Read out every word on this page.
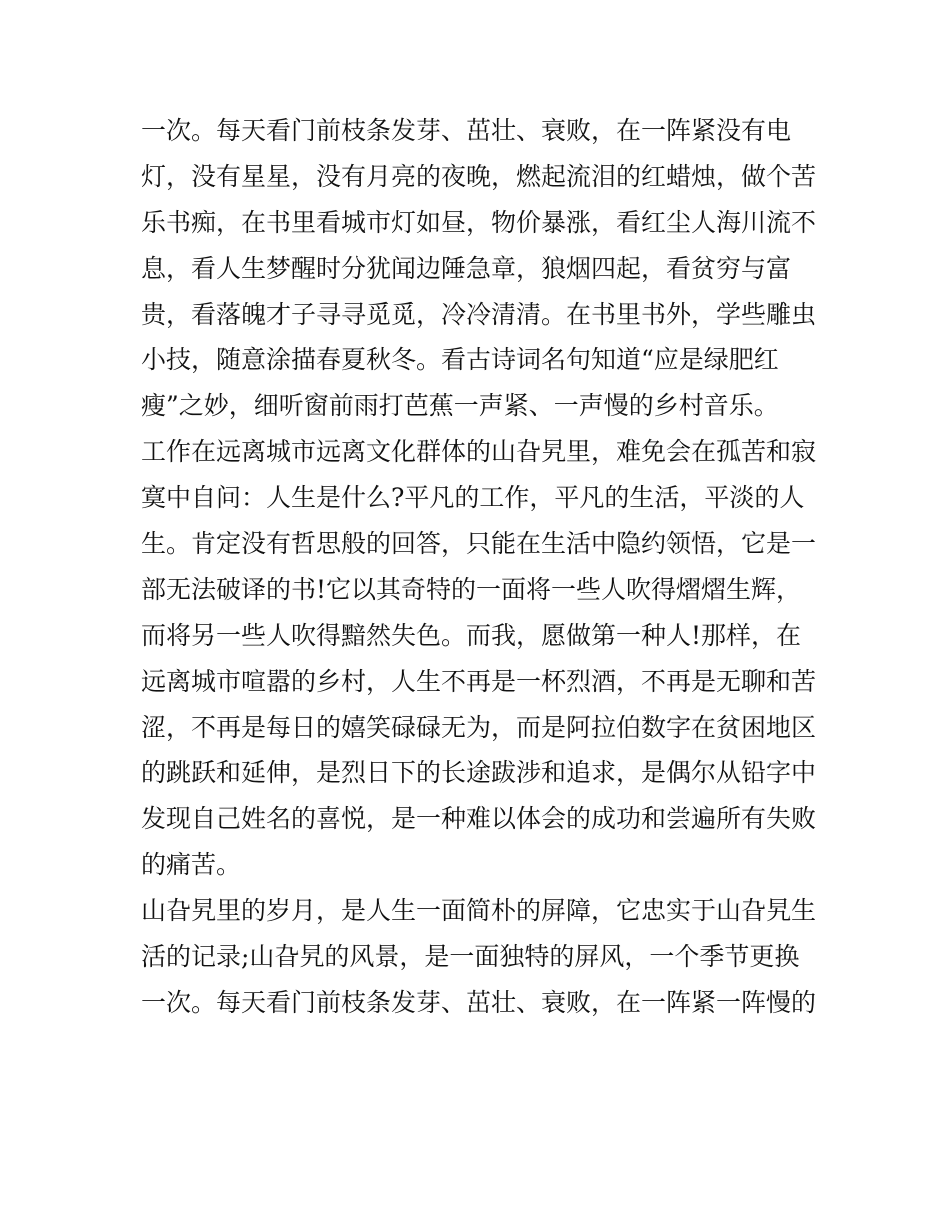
一次。每天看门前枝条发芽、茁壮、衰败，在一阵紧没有电
灯，没有星星，没有月亮的夜晚，燃起流泪的红蜡烛，做个苦
乐书痴，在书里看城市灯如昼，物价暴涨，看红尘人海川流不
息，看人生梦醒时分犹闻边陲急章，狼烟四起，看贫穷与富
贵，看落魄才子寻寻觅觅，冷冷清清。在书里书外，学些雕虫
小技，随意涂描春夏秋冬。看古诗词名句知道“应是绿肥红
瘦”之妙，细听窗前雨打芭蕉一声紧、一声慢的乡村音乐。
工作在远离城市远离文化群体的山旮旯里，难免会在孤苦和寂
寞中自问：人生是什么?平凡的工作，平凡的生活，平淡的人
生。肯定没有哲思般的回答，只能在生活中隐约领悟，它是一
部无法破译的书!它以其奇特的一面将一些人吹得熠熠生辉，
而将另一些人吹得黯然失色。而我，愿做第一种人!那样，在
远离城市喧嚣的乡村，人生不再是一杯烈酒，不再是无聊和苦
涩，不再是每日的嬉笑碌碌无为，而是阿拉伯数字在贫困地区
的跳跃和延伸，是烈日下的长途跋涉和追求，是偶尔从铅字中
发现自己姓名的喜悦，是一种难以体会的成功和尝遍所有失败
的痛苦。
山旮旯里的岁月，是人生一面简朴的屏障，它忠实于山旮旯生
活的记录;山旮旯的风景，是一面独特的屏风，一个季节更换
一次。每天看门前枝条发芽、茁壮、衰败，在一阵紧一阵慢的
